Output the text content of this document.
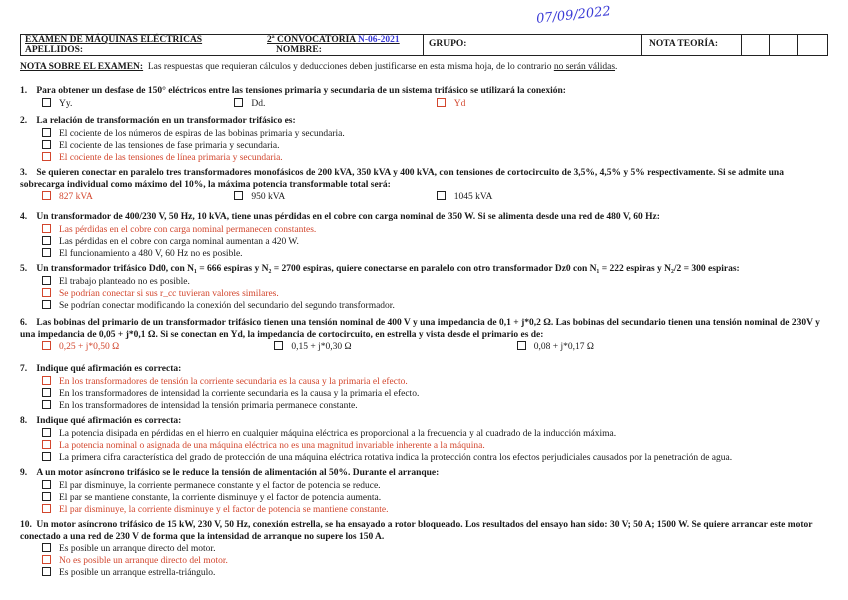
07/09/2022
EXAMEN DE MÁQUINAS ELÉCTRICAS
APELLIDOS:
2ª CONVOCATORIA N-06-2021
NOMBRE:
GRUPO:	NOTA TEORÍA:
NOTA SOBRE EL EXAMEN: Las respuestas que requieran cálculos y deducciones deben justificarse en esta misma hoja, de lo contrario no serán válidas.
1. Para obtener un desfase de 150° eléctricos entre las tensiones primaria y secundaria de un sistema trifásico se utilizará la conexión:
Yy.	Dd.	Yd
2. La relación de transformación en un transformador trifásico es:
El cociente de los números de espiras de las bobinas primaria y secundaria.
El cociente de las tensiones de fase primaria y secundaria.
El cociente de las tensiones de línea primaria y secundaria.
3. Se quieren conectar en paralelo tres transformadores monofásicos de 200 kVA, 350 kVA y 400 kVA, con tensiones de cortocircuito de 3,5%, 4,5% y 5% respectivamente. Si se admite una sobrecarga individual como máximo del 10%, la máxima potencia transformable total será:
827 kVA	950 kVA	1045 kVA
4. Un transformador de 400/230 V, 50 Hz, 10 kVA, tiene unas pérdidas en el cobre con carga nominal de 350 W. Si se alimenta desde una red de 480 V, 60 Hz:
Las pérdidas en el cobre con carga nominal permanecen constantes.
Las pérdidas en el cobre con carga nominal aumentan a 420 W.
El funcionamiento a 480 V, 60 Hz no es posible.
5. Un transformador trifásico Dd0, con N₁ = 666 espiras y N₂ = 2700 espiras, quiere conectarse en paralelo con otro transformador Dz0 con N₁ = 222 espiras y N₂/2 = 300 espiras:
El trabajo planteado no es posible.
Se podrían conectar si sus r_cc tuvieran valores similares.
Se podrían conectar modificando la conexión del secundario del segundo transformador.
6. Las bobinas del primario de un transformador trifásico tienen una tensión nominal de 400 V y una impedancia de 0,1 + j*0,2 Ω. Las bobinas del secundario tienen una tensión nominal de 230V y una impedancia de 0,05 + j*0,1 Ω. Si se conectan en Yd, la impedancia de cortocircuito, en estrella y vista desde el primario es de:
0,25 + j*0,50 Ω	0,15 + j*0,30 Ω	0,08 + j*0,17 Ω
7. Indique qué afirmación es correcta:
En los transformadores de tensión la corriente secundaria es la causa y la primaria el efecto.
En los transformadores de intensidad la corriente secundaria es la causa y la primaria el efecto.
En los transformadores de intensidad la tensión primaria permanece constante.
8. Indique qué afirmación es correcta:
La potencia disipada en pérdidas en el hierro en cualquier máquina eléctrica es proporcional a la frecuencia y al cuadrado de la inducción máxima.
La potencia nominal o asignada de una máquina eléctrica no es una magnitud invariable inherente a la máquina.
La primera cifra característica del grado de protección de una máquina eléctrica rotativa indica la protección contra los efectos perjudiciales causados por la penetración de agua.
9. A un motor asíncrono trifásico se le reduce la tensión de alimentación al 50%. Durante el arranque:
El par disminuye, la corriente permanece constante y el factor de potencia se reduce.
El par se mantiene constante, la corriente disminuye y el factor de potencia aumenta.
El par disminuye, la corriente disminuye y el factor de potencia se mantiene constante.
10. Un motor asíncrono trifásico de 15 kW, 230 V, 50 Hz, conexión estrella, se ha ensayado a rotor bloqueado. Los resultados del ensayo han sido: 30 V; 50 A; 1500 W. Se quiere arrancar este motor conectado a una red de 230 V de forma que la intensidad de arranque no supere los 150 A.
Es posible un arranque directo del motor.
No es posible un arranque directo del motor.
Es posible un arranque estrella-triángulo.
